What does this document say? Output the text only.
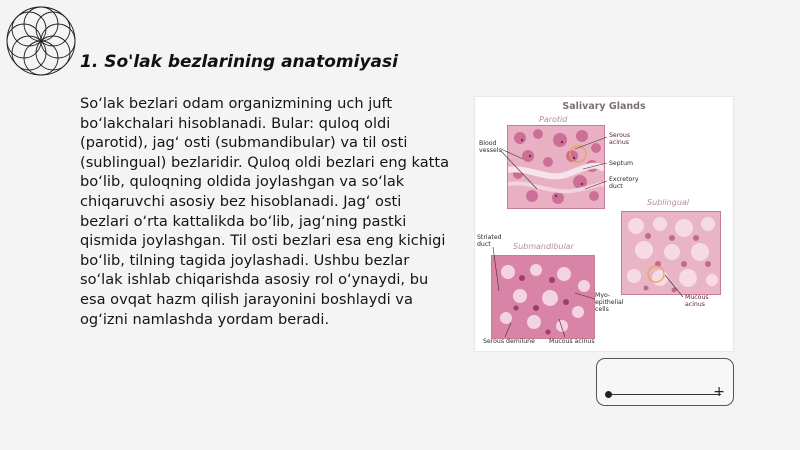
1. So'lak bezlarining anatomiyasi

So‘lak bezlari odam organizmining uch juft bo‘lakchalari hisoblanadi. Bular: quloq oldi (parotid), jag‘ osti (submandibular) va til osti (sublingual) bezlaridir. Quloq oldi bezlari eng katta bo‘lib, quloqning oldida joylashgan va so‘lak chiqaruvchi asosiy bez hisoblanadi. Jag‘ osti bezlari o‘rta kattalikda bo‘lib, jag‘ning pastki qismida joylashgan. Til osti bezlari esa eng kichigi bo‘lib, tilning tagida joylashadi. Ushbu bezlar so‘lak ishlab chiqarishda asosiy rol o‘ynaydi, bu esa ovqat hazm qilish jarayonini boshlaydi va og‘izni namlashda yordam beradi.

Salivary Glands
Parotid
Blood
vessels
Serous
acinus
Septum
Excretory
duct
Sublingual
Mucous
acinus
Submandibular
Striated
duct
Myo-
epithelial
cells
Serous demilune Mucous acinus
+
